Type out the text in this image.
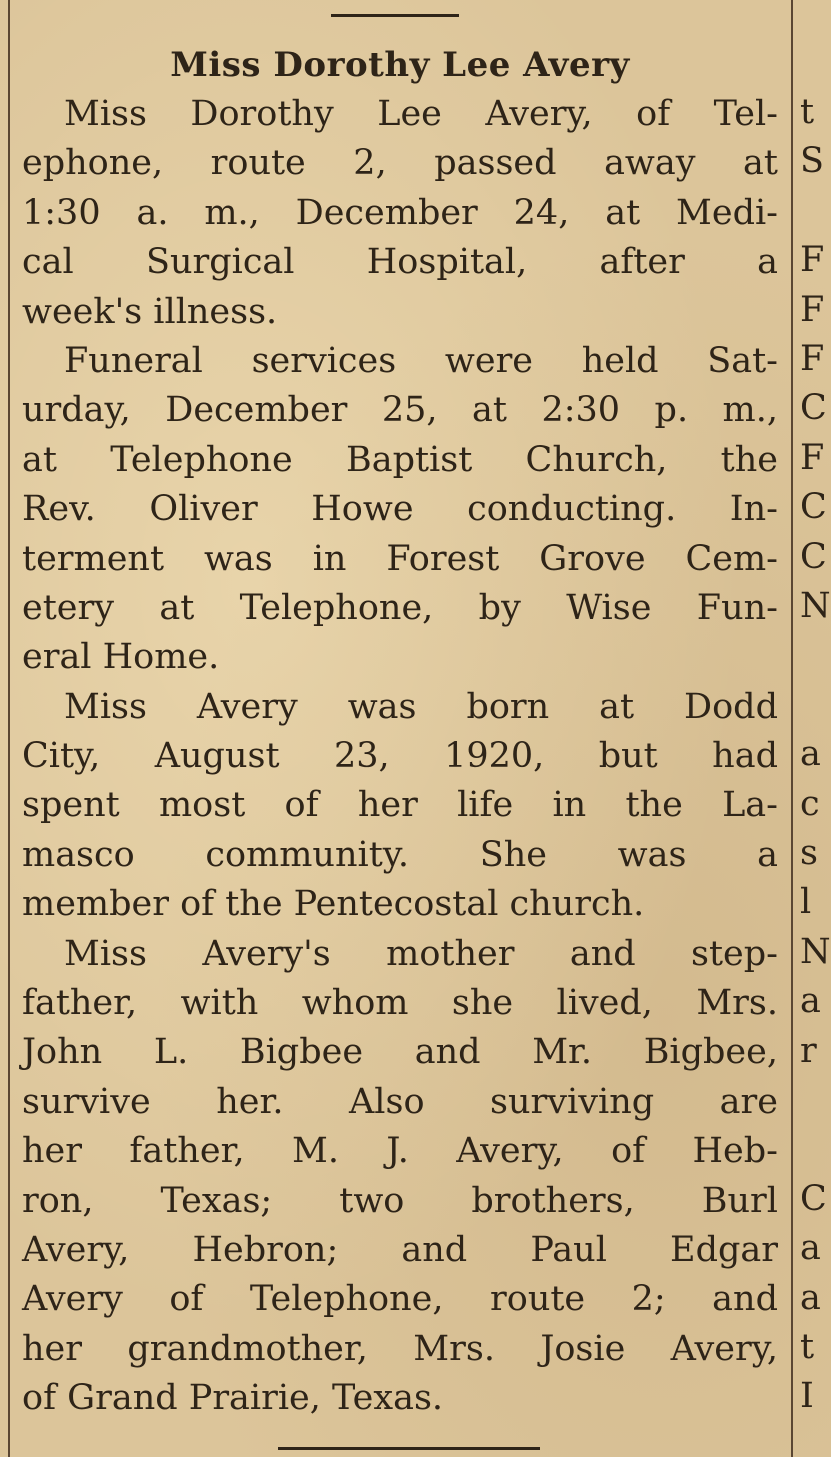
Miss Dorothy Lee Avery
Miss Dorothy Lee Avery, of Tel-
ephone, route 2, passed away at
1:30 a. m., December 24, at Medi-
cal Surgical Hospital, after a
week's illness.
Funeral services were held Sat-
urday, December 25, at 2:30 p. m.,
at Telephone Baptist Church, the
Rev. Oliver Howe conducting. In-
terment was in Forest Grove Cem-
etery at Telephone, by Wise Fun-
eral Home.
Miss Avery was born at Dodd
City, August 23, 1920, but had
spent most of her life in the La-
masco community. She was a
member of the Pentecostal church.
Miss Avery's mother and step-
father, with whom she lived, Mrs.
John L. Bigbee and Mr. Bigbee,
survive her. Also surviving are
her father, M. J. Avery, of Heb-
ron, Texas; two brothers, Burl
Avery, Hebron; and Paul Edgar
Avery of Telephone, route 2; and
her grandmother, Mrs. Josie Avery,
of Grand Prairie, Texas.
t
S
F
F
F
C
F
C
C
N
a
c
s
l
N
a
r
C
a
a
t
I
